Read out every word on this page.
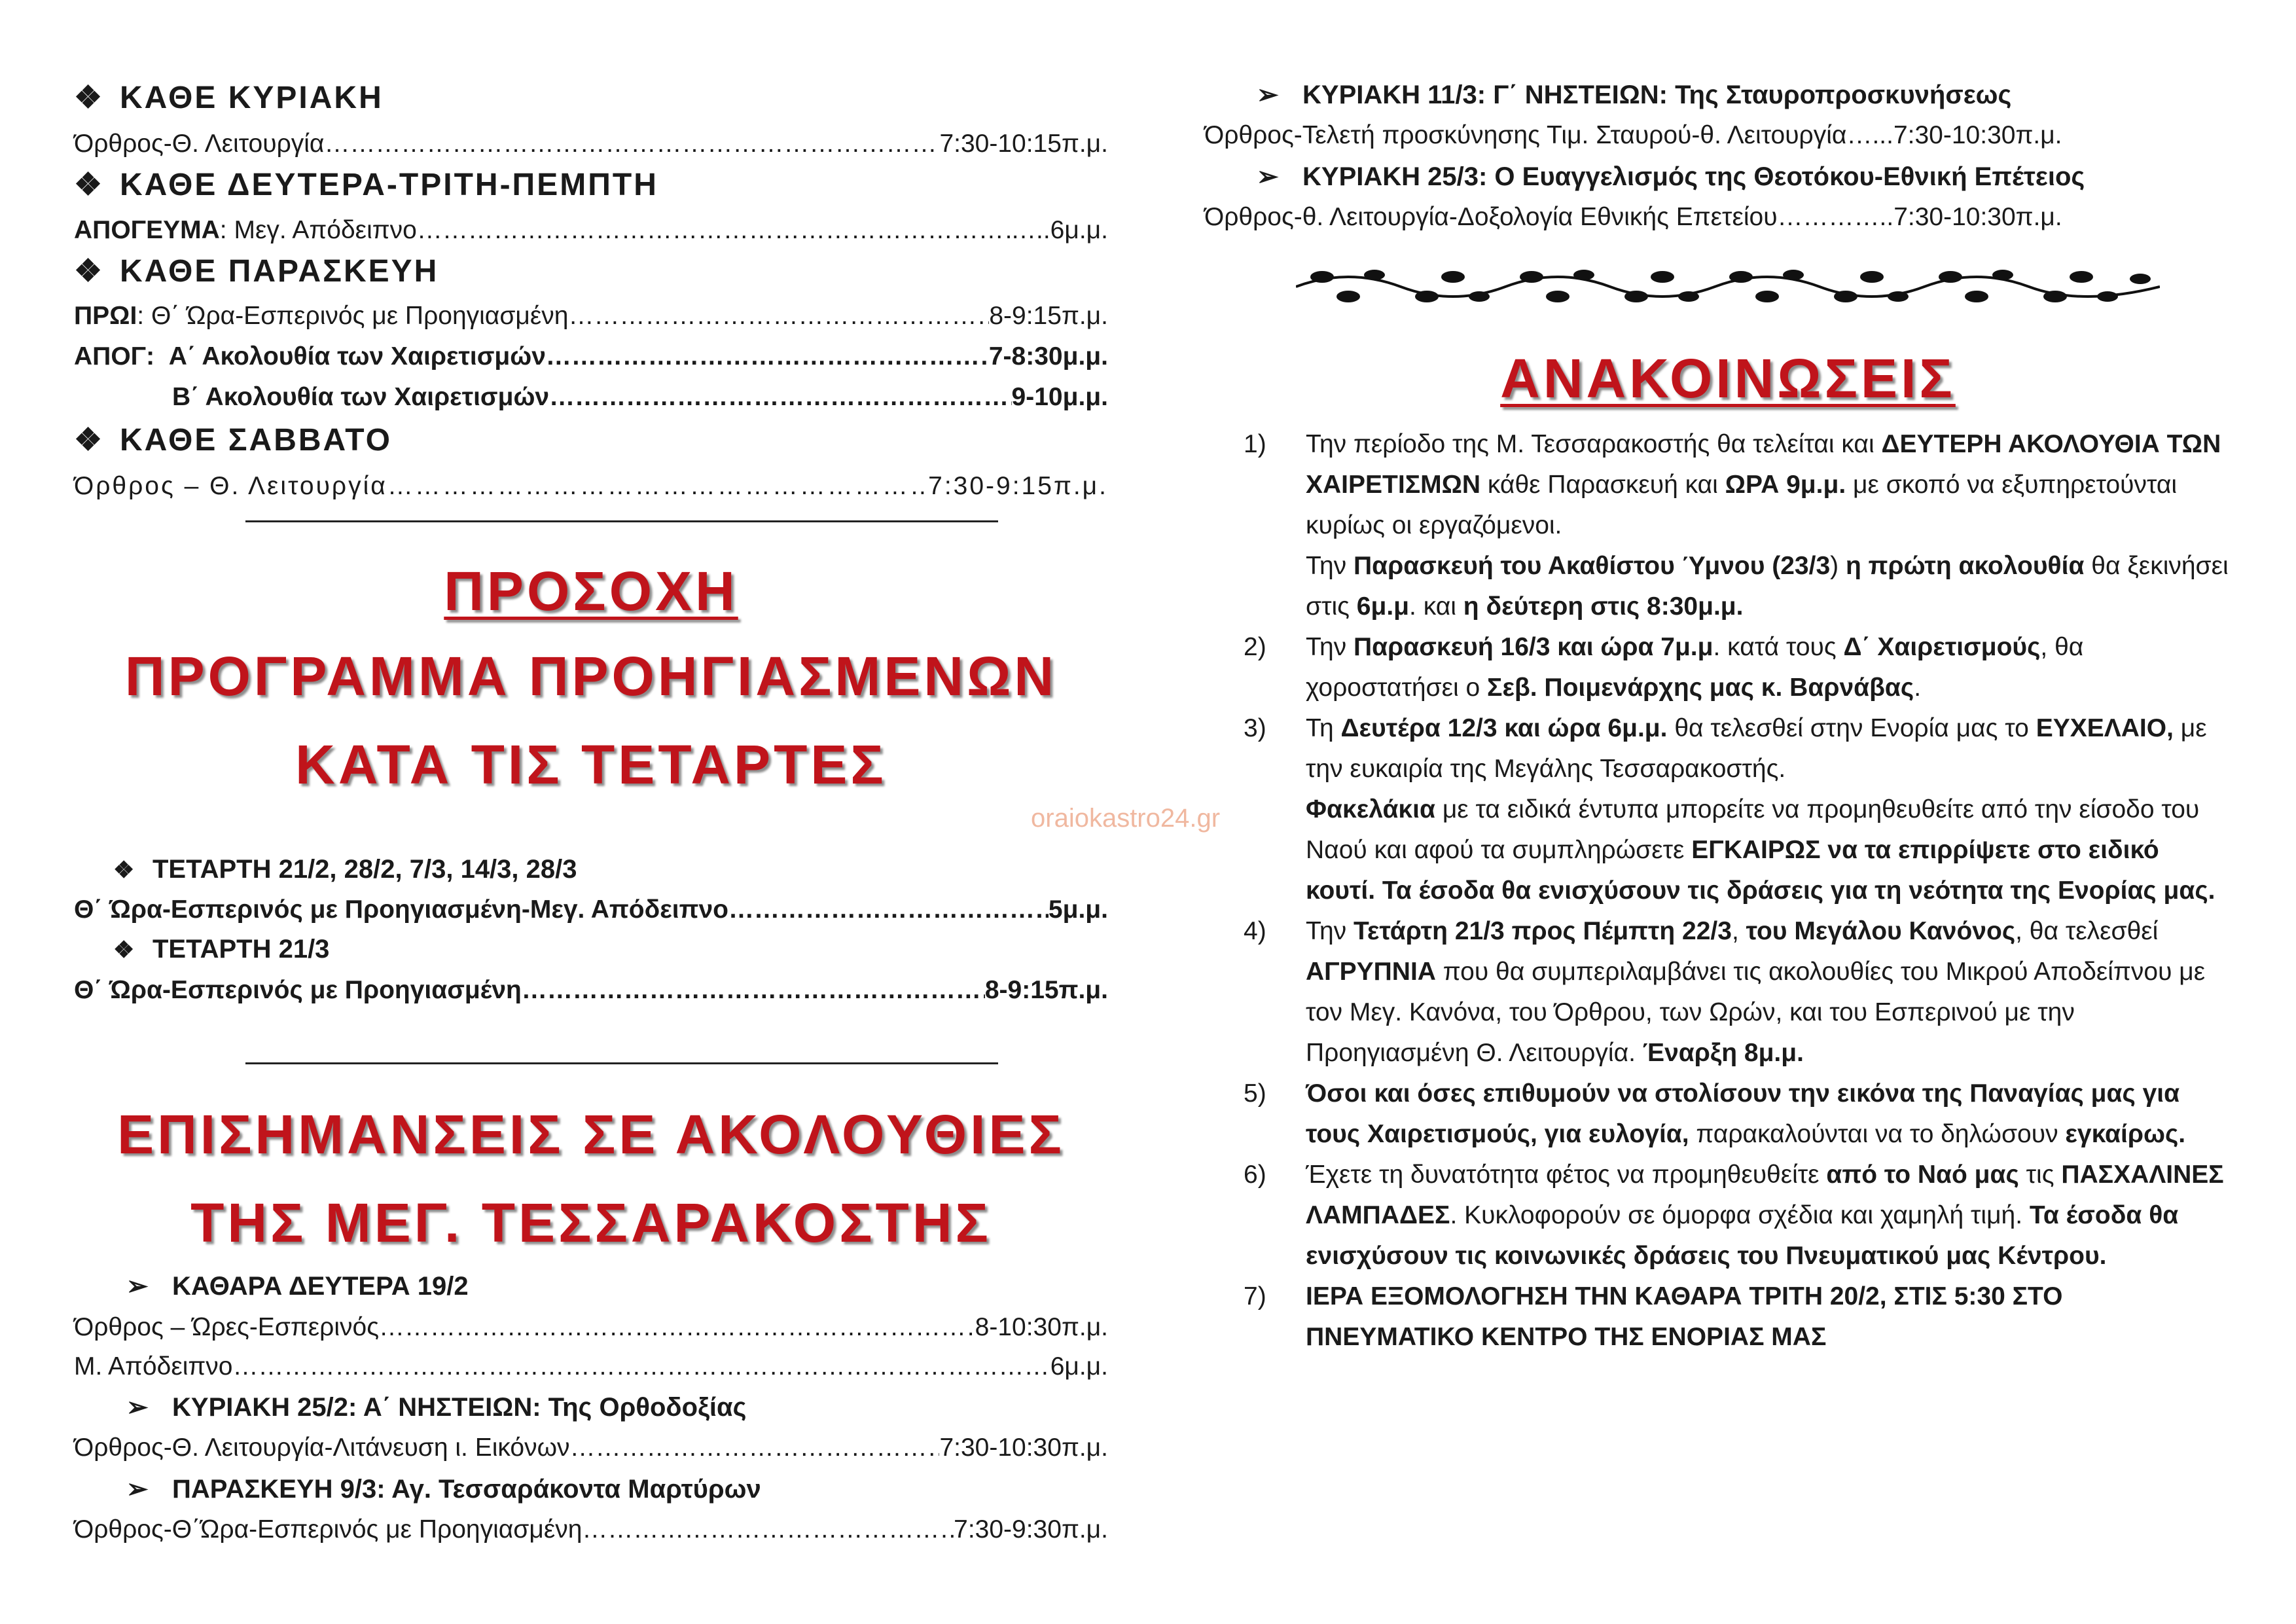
❖ ΚΑΘΕ ΚΥΡΙΑΚΗ
Όρθρος-Θ. Λειτουργία ……………………………………………………………………………………………………………………………………………………………………	7:30-10:15π.μ.
❖ ΚΑΘΕ ΔΕΥΤΕΡΑ-ΤΡΙΤΗ-ΠΕΜΠΤΗ
ΑΠΟΓΕΥΜΑ: Μεγ. Απόδειπνο ……………………………………………………………………………………………………………………………………………………………………	…..6μ.μ.
❖ ΚΑΘΕ ΠΑΡΑΣΚΕΥΗ
ΠΡΩΙ: Θ΄ Ώρα-Εσπερινός με Προηγιασμένη ……………………………………………………………………………………………………………………………………………………………………	8-9:15π.μ.
ΑΠΟΓ:  Α΄ Ακολουθία των Χαιρετισμών ……………………………………………………………………………………………………………………………………………………………………	7-8:30μ.μ.
Β΄ Ακολουθία των Χαιρετισμών ……………………………………………………………………………………………………………………………………………………………………	9-10μ.μ.
❖ ΚΑΘΕ ΣΑΒΒΑΤΟ
Όρθρος – Θ. Λειτουργία ……………………………………………………………………………………………………………………………………………………………………	7:30-9:15π.μ.
ΠΡΟΣΟΧΗ
ΠΡΟΓΡΑΜΜΑ ΠΡΟΗΓΙΑΣΜΕΝΩΝ
ΚΑΤΑ ΤΙΣ ΤΕΤΑΡΤΕΣ
❖ ΤΕΤΑΡΤΗ 21/2, 28/2, 7/3, 14/3, 28/3
Θ΄ Ώρα-Εσπερινός με Προηγιασμένη-Μεγ. Απόδειπνο ……………………………………………………………………………………………………………………………………………………………………	5μ.μ.
❖ ΤΕΤΑΡΤΗ 21/3
Θ΄ Ώρα-Εσπερινός με Προηγιασμένη ……………………………………………………………………………………………………………………………………………………………………	8-9:15π.μ.
ΕΠΙΣΗΜΑΝΣΕΙΣ ΣΕ ΑΚΟΛΟΥΘΙΕΣ
ΤΗΣ ΜΕΓ. ΤΕΣΣΑΡΑΚΟΣΤΗΣ
➢ ΚΑΘΑΡΑ ΔΕΥΤΕΡΑ 19/2
Όρθρος – Ώρες-Εσπερινός ……………………………………………………………………………………………………………………………………………………………………	8-10:30π.μ.
Μ. Απόδειπνο ……………………………………………………………………………………………………………………………………………………………………	6μ.μ.
➢ ΚΥΡΙΑΚΗ 25/2: Α΄ ΝΗΣΤΕΙΩΝ: Της Ορθοδοξίας
Όρθρος-Θ. Λειτουργία-Λιτάνευση ι. Εικόνων ……………………………………………………………………………………………………………………………………………………………………	7:30-10:30π.μ.
➢ ΠΑΡΑΣΚΕΥΗ 9/3: Αγ. Τεσσαράκοντα Μαρτύρων
Όρθρος-Θ΄Ώρα-Εσπερινός με Προηγιασμένη ……………………………………………………………………………………………………………………………………………………………………	7:30-9:30π.μ.
➢ ΚΥΡΙΑΚΗ 11/3: Γ΄ ΝΗΣΤΕΙΩΝ: Της Σταυροπροσκυνήσεως
Όρθρος-Τελετή προσκύνησης Τιμ. Σταυρού-θ. Λειτουργία…...7:30-10:30π.μ.
➢ ΚΥΡΙΑΚΗ 25/3: Ο Ευαγγελισμός της Θεοτόκου-Εθνική Επέτειος
Όρθρος-θ. Λειτουργία-Δοξολογία Εθνικής Επετείου…………..7:30-10:30π.μ.
ΑΝΑΚΟΙΝΩΣΕΙΣ
1)	Την περίοδο της Μ. Τεσσαρακοστής θα τελείται και ΔΕΥΤΕΡΗ ΑΚΟΛΟΥΘΙΑ ΤΩΝ ΧΑΙΡΕΤΙΣΜΩΝ κάθε Παρασκευή και ΩΡΑ 9μ.μ. με σκοπό να εξυπηρετούνται κυρίως οι εργαζόμενοι.
Την Παρασκευή του Ακαθίστου Ύμνου (23/3) η πρώτη ακολουθία θα ξεκινήσει στις 6μ.μ. και η δεύτερη στις 8:30μ.μ.
2)	Την Παρασκευή 16/3 και ώρα 7μ.μ. κατά τους Δ΄ Χαιρετισμούς, θα χοροστατήσει ο Σεβ. Ποιμενάρχης μας κ. Βαρνάβας.
3)	Τη Δευτέρα 12/3 και ώρα 6μ.μ. θα τελεσθεί στην Ενορία μας το ΕΥΧΕΛΑΙΟ, με την ευκαιρία της Μεγάλης Τεσσαρακοστής.
Φακελάκια με τα ειδικά έντυπα μπορείτε να προμηθευθείτε από την είσοδο του Ναού και αφού τα συμπληρώσετε ΕΓΚΑΙΡΩΣ να τα επιρρίψετε στο ειδικό κουτί. Τα έσοδα θα ενισχύσουν τις δράσεις για τη νεότητα της Ενορίας μας.
4)	Την Τετάρτη 21/3 προς Πέμπτη 22/3, του Μεγάλου Κανόνος, θα τελεσθεί ΑΓΡΥΠΝΙΑ που θα συμπεριλαμβάνει τις ακολουθίες του Μικρού Αποδείπνου με τον Μεγ. Κανόνα, του Όρθρου, των Ωρών, και του Εσπερινού με την Προηγιασμένη Θ. Λειτουργία. Έναρξη 8μ.μ.
5)	Όσοι και όσες επιθυμούν να στολίσουν την εικόνα της Παναγίας μας για τους Χαιρετισμούς, για ευλογία, παρακαλούνται να το δηλώσουν εγκαίρως.
6)	Έχετε τη δυνατότητα φέτος να προμηθευθείτε από το Ναό μας τις ΠΑΣΧΑΛΙΝΕΣ ΛΑΜΠΑΔΕΣ. Κυκλοφορούν σε όμορφα σχέδια και χαμηλή τιμή. Τα έσοδα θα ενισχύσουν τις κοινωνικές δράσεις του Πνευματικού μας Κέντρου.
7)	ΙΕΡΑ ΕΞΟΜΟΛΟΓΗΣΗ ΤΗΝ ΚΑΘΑΡΑ ΤΡΙΤΗ 20/2, ΣΤΙΣ 5:30 ΣΤΟ ΠΝΕΥΜΑΤΙΚΟ ΚΕΝΤΡΟ ΤΗΣ ΕΝΟΡΙΑΣ ΜΑΣ
oraiokastro24.gr
